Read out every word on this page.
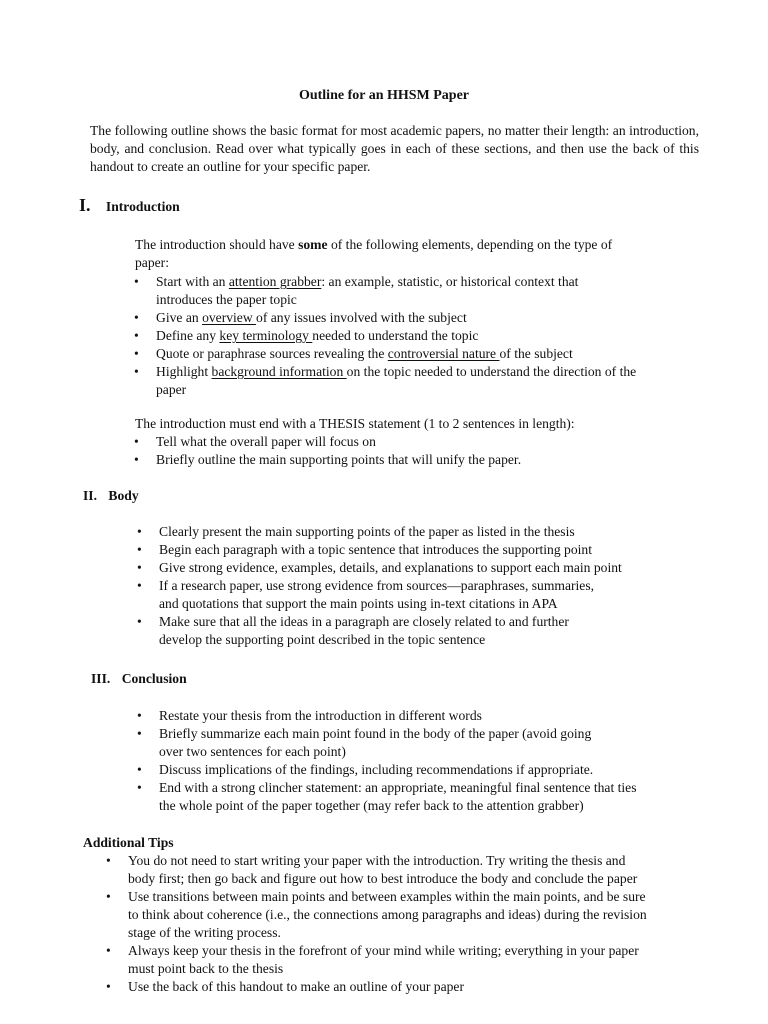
Outline for an HHSM Paper
The following outline shows the basic format for most academic papers, no matter their length: an introduction, body, and conclusion. Read over what typically goes in each of these sections, and then use the back of this handout to create an outline for your specific paper.
I. Introduction
The introduction should have some of the following elements, depending on the type of
paper:
• Start with an attention grabber: an example, statistic, or historical context that
introduces the paper topic
• Give an overview of any issues involved with the subject
• Define any key terminology needed to understand the topic
• Quote or paraphrase sources revealing the controversial nature of the subject
• Highlight background information on the topic needed to understand the direction of the
paper
The introduction must end with a THESIS statement (1 to 2 sentences in length):
• Tell what the overall paper will focus on
• Briefly outline the main supporting points that will unify the paper.
II. Body
• Clearly present the main supporting points of the paper as listed in the thesis
• Begin each paragraph with a topic sentence that introduces the supporting point
• Give strong evidence, examples, details, and explanations to support each main point
• If a research paper, use strong evidence from sources—paraphrases, summaries,
and quotations that support the main points using in-text citations in APA
• Make sure that all the ideas in a paragraph are closely related to and further
develop the supporting point described in the topic sentence
III. Conclusion
• Restate your thesis from the introduction in different words
• Briefly summarize each main point found in the body of the paper (avoid going
over two sentences for each point)
• Discuss implications of the findings, including recommendations if appropriate.
• End with a strong clincher statement: an appropriate, meaningful final sentence that ties
the whole point of the paper together (may refer back to the attention grabber)
Additional Tips
• You do not need to start writing your paper with the introduction. Try writing the thesis and
body first; then go back and figure out how to best introduce the body and conclude the paper
• Use transitions between main points and between examples within the main points, and be sure
to think about coherence (i.e., the connections among paragraphs and ideas) during the revision
stage of the writing process.
• Always keep your thesis in the forefront of your mind while writing; everything in your paper
must point back to the thesis
• Use the back of this handout to make an outline of your paper
